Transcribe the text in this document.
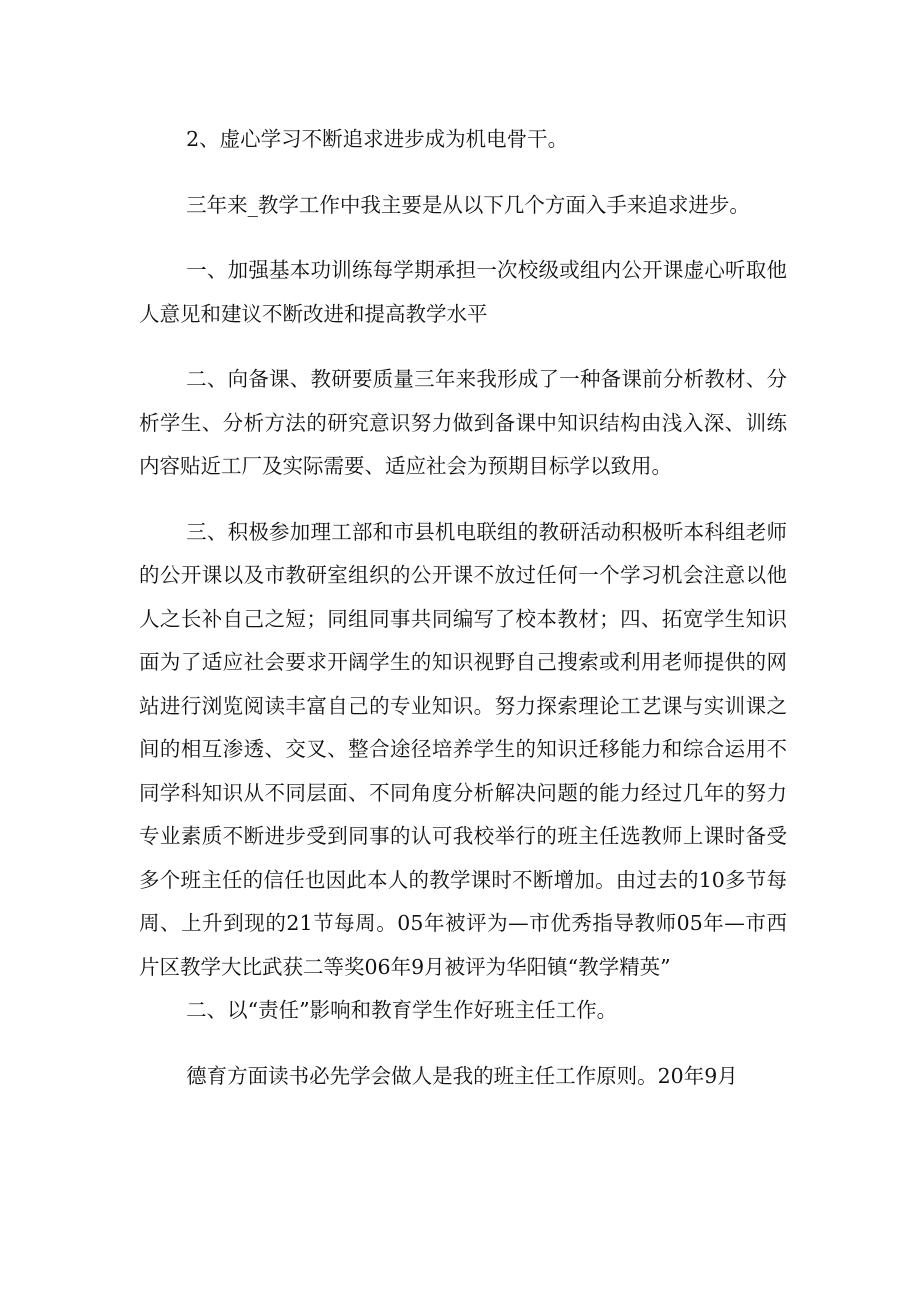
2、虚心学习不断追求进步成为机电骨干。

三年来_教学工作中我主要是从以下几个方面入手来追求进步。

一、加强基本功训练每学期承担一次校级或组内公开课虚心听取他人意见和建议不断改进和提高教学水平

二、向备课、教研要质量三年来我形成了一种备课前分析教材、分析学生、分析方法的研究意识努力做到备课中知识结构由浅入深、训练内容贴近工厂及实际需要、适应社会为预期目标学以致用。

三、积极参加理工部和市县机电联组的教研活动积极听本科组老师的公开课以及市教研室组织的公开课不放过任何一个学习机会注意以他人之长补自己之短；同组同事共同编写了校本教材；四、拓宽学生知识面为了适应社会要求开阔学生的知识视野自己搜索或利用老师提供的网站进行浏览阅读丰富自己的专业知识。努力探索理论工艺课与实训课之间的相互渗透、交叉、整合途径培养学生的知识迁移能力和综合运用不同学科知识从不同层面、不同角度分析解决问题的能力经过几年的努力专业素质不断进步受到同事的认可我校举行的班主任选教师上课时备受多个班主任的信任也因此本人的教学课时不断增加。由过去的10多节每周、上升到现的21节每周。05年被评为—市优秀指导教师05年—市西片区教学大比武获二等奖06年9月被评为华阳镇“教学精英”

二、以“责任”影响和教育学生作好班主任工作。

德育方面读书必先学会做人是我的班主任工作原则。20年9月
